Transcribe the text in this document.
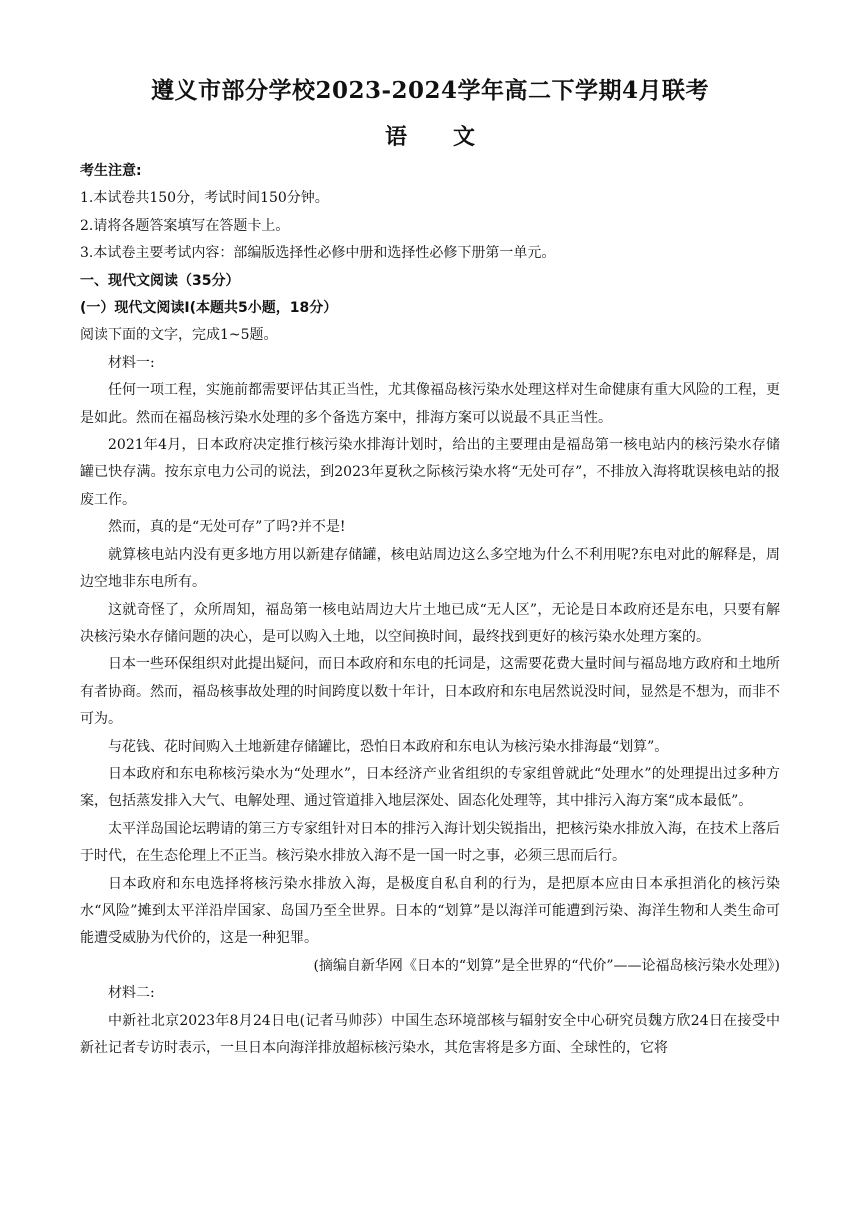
遵义市部分学校2023-2024学年高二下学期4月联考
语文

考生注意:

1.本试卷共150分，考试时间150分钟。

2.请将各题答案填写在答题卡上。

3.本试卷主要考试内容：部编版选择性必修中册和选择性必修下册第一单元。

一、现代文阅读（35分）

(一）现代文阅读Ⅰ(本题共5小题，18分）

阅读下面的文字，完成1~5题。

材料一:

任何一项工程，实施前都需要评估其正当性，尤其像福岛核污染水处理这样对生命健康有重大风险的工程，更是如此。然而在福岛核污染水处理的多个备选方案中，排海方案可以说最不具正当性。

2021年4月，日本政府决定推行核污染水排海计划时，给出的主要理由是福岛第一核电站内的核污染水存储罐已快存满。按东京电力公司的说法，到2023年夏秋之际核污染水将“无处可存”，不排放入海将耽误核电站的报废工作。

然而，真的是“无处可存”了吗?并不是!

就算核电站内没有更多地方用以新建存储罐，核电站周边这么多空地为什么不利用呢?东电对此的解释是，周边空地非东电所有。

这就奇怪了，众所周知，福岛第一核电站周边大片土地已成“无人区”，无论是日本政府还是东电，只要有解决核污染水存储问题的决心，是可以购入土地，以空间换时间，最终找到更好的核污染水处理方案的。

日本一些环保组织对此提出疑问，而日本政府和东电的托词是，这需要花费大量时间与福岛地方政府和土地所有者协商。然而，福岛核事故处理的时间跨度以数十年计，日本政府和东电居然说没时间，显然是不想为，而非不可为。

与花钱、花时间购入土地新建存储罐比，恐怕日本政府和东电认为核污染水排海最“划算”。

日本政府和东电称核污染水为“处理水”，日本经济产业省组织的专家组曾就此“处理水”的处理提出过多种方案，包括蒸发排入大气、电解处理、通过管道排入地层深处、固态化处理等，其中排污入海方案“成本最低”。

太平洋岛国论坛聘请的第三方专家组针对日本的排污入海计划尖锐指出，把核污染水排放入海，在技术上落后于时代，在生态伦理上不正当。核污染水排放入海不是一国一时之事，必须三思而后行。

日本政府和东电选择将核污染水排放入海，是极度自私自利的行为，是把原本应由日本承担消化的核污染水“风险”摊到太平洋沿岸国家、岛国乃至全世界。日本的“划算”是以海洋可能遭到污染、海洋生物和人类生命可能遭受威胁为代价的，这是一种犯罪。

(摘编自新华网《日本的“划算”是全世界的“代价”——论福岛核污染水处理》)

材料二:

中新社北京2023年8月24日电(记者马帅莎）中国生态环境部核与辐射安全中心研究员魏方欣24日在接受中新社记者专访时表示，一旦日本向海洋排放超标核污染水，其危害将是多方面、全球性的，它将
